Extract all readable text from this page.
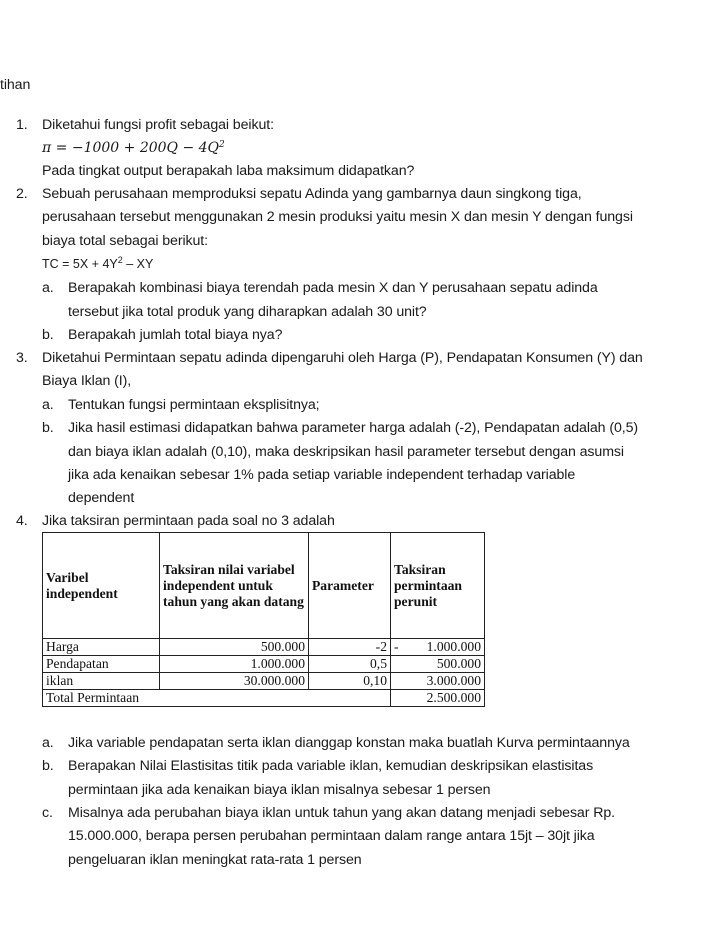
tihan
1. Diketahui fungsi profit sebagai beikut:
$\pi = -1000 + 200Q - 4Q^2$
Pada tingkat output berapakah laba maksimum didapatkan?
2. Sebuah perusahaan memproduksi sepatu Adinda yang gambarnya daun singkong tiga,
perusahaan tersebut menggunakan 2 mesin produksi yaitu mesin X dan mesin Y dengan fungsi
biaya total sebagai berikut:
TC = $5X + 4Y^2$ – XY
a. Berapakah kombinasi biaya terendah pada mesin X dan Y perusahaan sepatu adinda
tersebut jika total produk yang diharapkan adalah 30 unit?
b. Berapakah jumlah total biaya nya?
3. Diketahui Permintaan sepatu adinda dipengaruhi oleh Harga (P), Pendapatan Konsumen (Y) dan
Biaya Iklan (I),
a. Tentukan fungsi permintaan eksplisitnya;
b. Jika hasil estimasi didapatkan bahwa parameter harga adalah (-2), Pendapatan adalah (0,5)
dan biaya iklan adalah (0,10), maka deskripsikan hasil parameter tersebut dengan asumsi
jika ada kenaikan sebesar 1% pada setiap variable independent terhadap variable
dependent
4. Jika taksiran permintaan pada soal no 3 adalah
Varibel independent	Taksiran nilai variabel independent untuk tahun yang akan datang	Parameter	Taksiran permintaan perunit
Harga	500.000	-2	- 1.000.000
Pendapatan	1.000.000	0,5	500.000
iklan	30.000.000	0,10	3.000.000
Total Permintaan			2.500.000
a. Jika variable pendapatan serta iklan dianggap konstan maka buatlah Kurva permintaannya
b. Berapakan Nilai Elastisitas titik pada variable iklan, kemudian deskripsikan elastisitas
permintaan jika ada kenaikan biaya iklan misalnya sebesar 1 persen
c. Misalnya ada perubahan biaya iklan untuk tahun yang akan datang menjadi sebesar Rp.
15.000.000, berapa persen perubahan permintaan dalam range antara 15jt – 30jt jika
pengeluaran iklan meningkat rata-rata 1 persen
